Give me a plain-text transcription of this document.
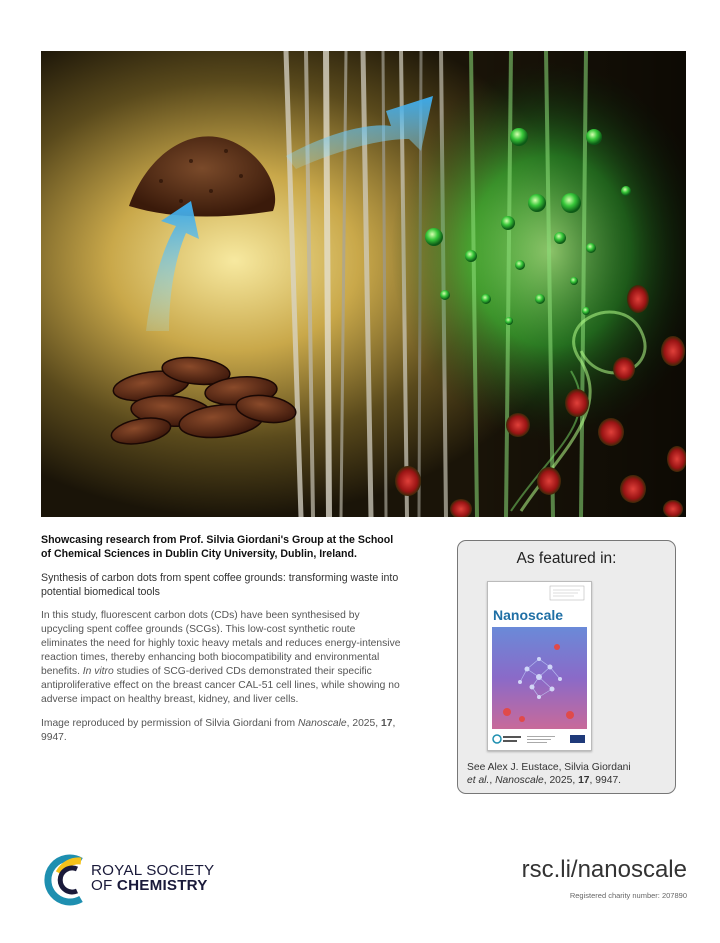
Showcasing research from Prof. Silvia Giordani's Group at the School of Chemical Sciences in Dublin City University, Dublin, Ireland.

Synthesis of carbon dots from spent coffee grounds: transforming waste into potential biomedical tools

In this study, fluorescent carbon dots (CDs) have been synthesised by upcycling spent coffee grounds (SCGs). This low-cost synthetic route eliminates the need for highly toxic heavy metals and reduces energy-intensive reaction times, thereby enhancing both biocompatibility and environmental benefits. In vitro studies of SCG-derived CDs demonstrated their specific antiproliferative effect on the breast cancer CAL-51 cell lines, while showing no adverse impact on healthy breast, kidney, and liver cells.

Image reproduced by permission of Silvia Giordani from Nanoscale, 2025, 17, 9947.

As featured in:
Nanoscale
See Alex J. Eustace, Silvia Giordani
et al., Nanoscale, 2025, 17, 9947.
ROYAL SOCIETY
OF CHEMISTRY
rsc.li/nanoscale
Registered charity number: 207890
